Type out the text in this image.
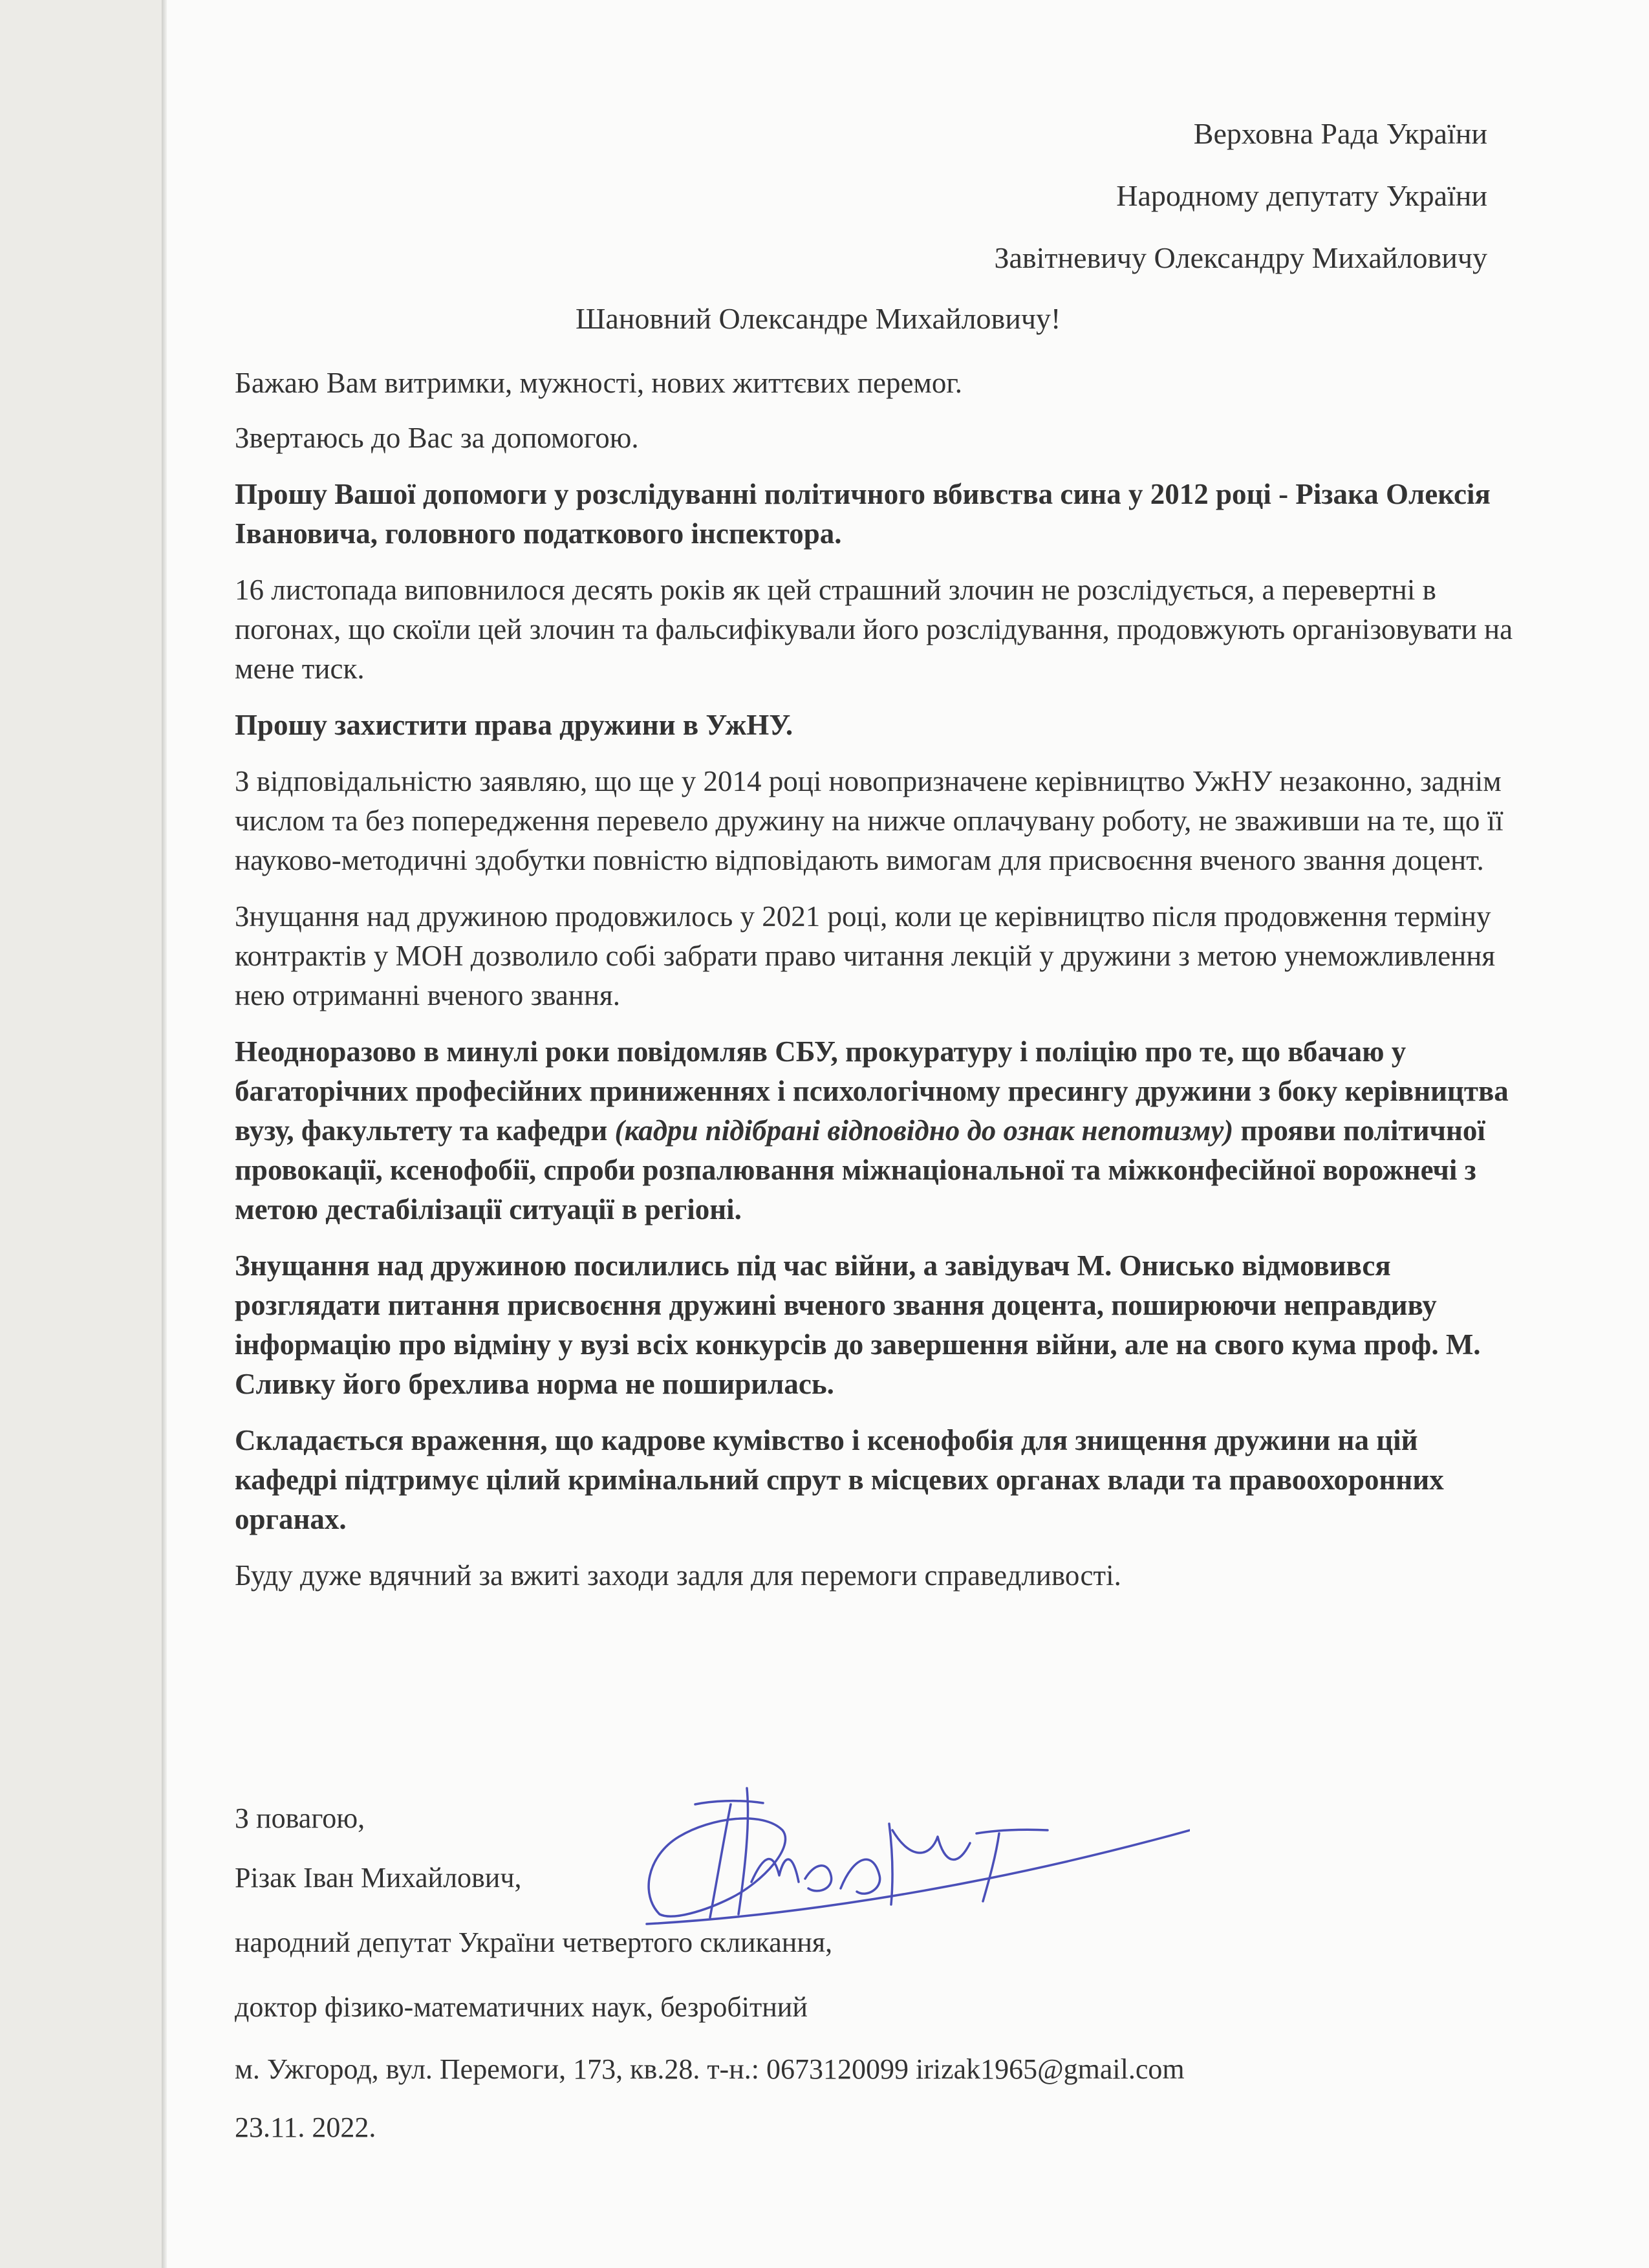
Верховна Рада України
Народному депутату України
Завітневичу Олександру Михайловичу
Шановний Олександре Михайловичу!

Бажаю Вам витримки, мужності, нових життєвих перемог.

Звертаюсь до Вас за допомогою.

Прошу Вашої допомоги у розслідуванні політичного вбивства сина у 2012 році - Різака Олексія Івановича, головного податкового інспектора.

16 листопада виповнилося десять років як цей страшний злочин не розслідується, а перевертні в погонах, що скоїли цей злочин та фальсифікували його розслідування, продовжують організовувати на мене тиск.

Прошу захистити права дружини в УжНУ.

З відповідальністю заявляю, що ще у 2014 році новопризначене керівництво УжНУ незаконно, заднім числом та без попередження перевело дружину на нижче оплачувану роботу, не зваживши на те, що її науково-методичні здобутки повністю відповідають вимогам для присвоєння вченого звання доцент.

Знущання над дружиною продовжилось у 2021 році, коли це керівництво після продовження терміну контрактів у МОН дозволило собі забрати право читання лекцій у дружини з метою унеможливлення нею отриманні вченого звання.

Неодноразово в минулі роки повідомляв СБУ, прокуратуру і поліцію про те, що вбачаю у багаторічних професійних приниженнях і психологічному пресингу дружини з боку керівництва вузу, факультету та кафедри (кадри підібрані відповідно до ознак непотизму) прояви політичної провокації, ксенофобії, спроби розпалювання міжнаціональної та міжконфесійної ворожнечі з метою дестабілізації ситуації в регіоні.

Знущання над дружиною посилились під час війни, а завідувач М. Онисько відмовився розглядати питання присвоєння дружині вченого звання доцента, поширюючи неправдиву інформацію про відміну у вузі всіх конкурсів до завершення війни, але на свого кума проф. М. Сливку його брехлива норма не поширилась.

Складається враження, що кадрове кумівство і ксенофобія для знищення дружини на цій кафедрі підтримує цілий кримінальний спрут в місцевих органах влади та правоохоронних органах.

Буду дуже вдячний за вжиті заходи задля для перемоги справедливості.

З повагою,
Різак Іван Михайлович,
народний депутат України четвертого скликання,
доктор фізико-математичних наук, безробітний
м. Ужгород, вул. Перемоги, 173, кв.28. т-н.: 0673120099 irizak1965@gmail.com
23.11. 2022.
